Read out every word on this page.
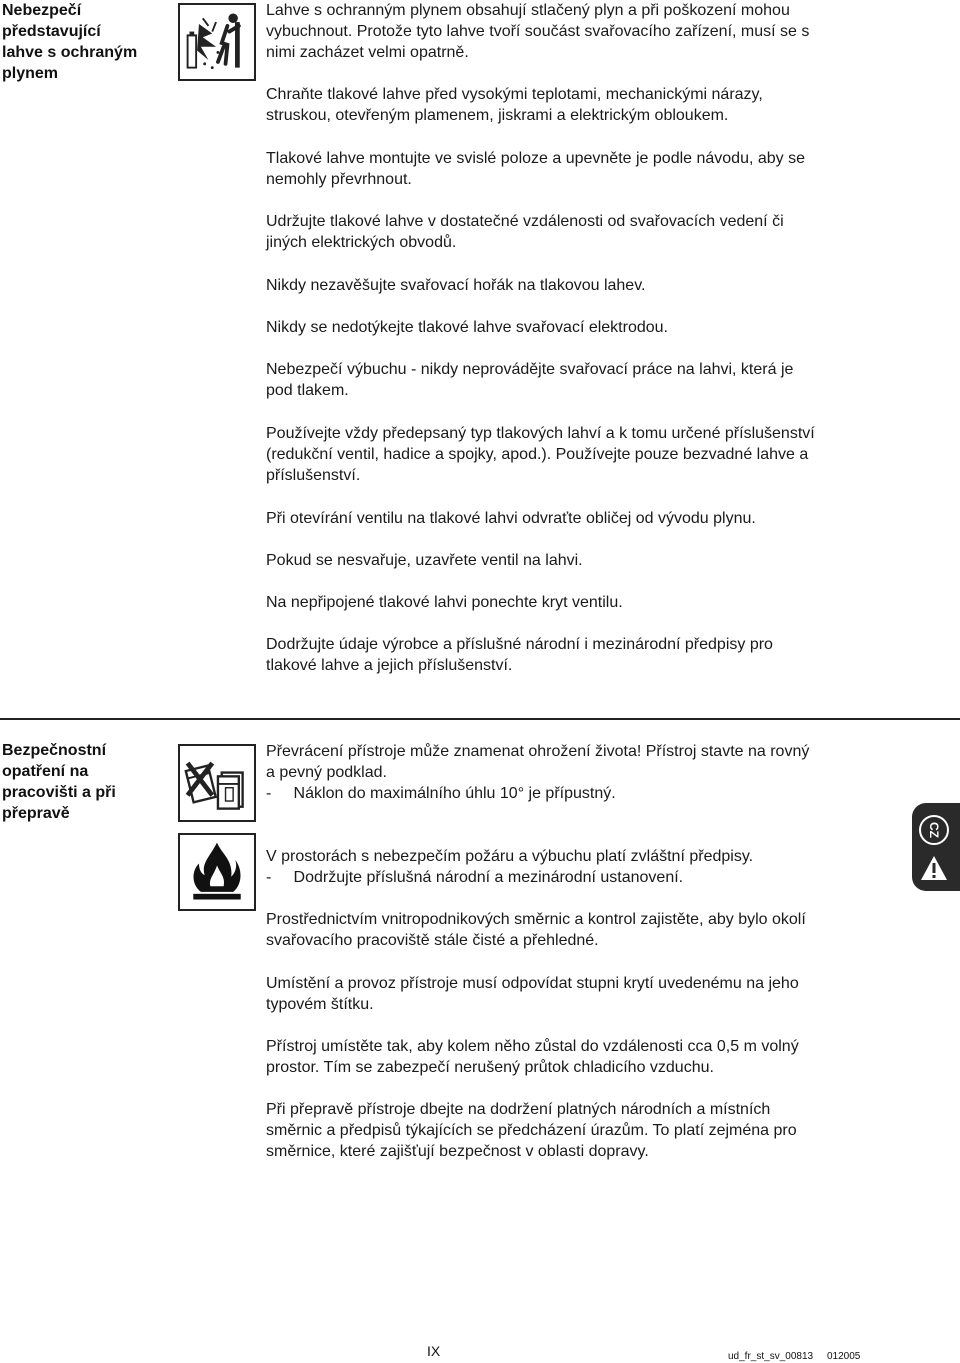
Nebezpečí
představující
lahve s ochraným
plynem
Lahve s ochranným plynem obsahují stlačený plyn a při poškození mohou
vybuchnout. Protože tyto lahve tvoří součást svařovacího zařízení, musí se s
nimi zacházet velmi opatrně.
Chraňte tlakové lahve před vysokými teplotami, mechanickými nárazy,
struskou, otevřeným plamenem, jiskrami a elektrickým obloukem.
Tlakové lahve montujte ve svislé poloze a upevněte je podle návodu, aby se
nemohly převrhnout.
Udržujte tlakové lahve v dostatečné vzdálenosti od svařovacích vedení či
jiných elektrických obvodů.
Nikdy nezavěšujte svařovací hořák na tlakovou lahev.
Nikdy se nedotýkejte tlakové lahve svařovací elektrodou.
Nebezpečí výbuchu - nikdy neprovádějte svařovací práce na lahvi, která je
pod tlakem.
Používejte vždy předepsaný typ tlakových lahví a k tomu určené příslušenství
(redukční ventil, hadice a spojky, apod.). Používejte pouze bezvadné lahve a
příslušenství.
Při otevírání ventilu na tlakové lahvi odvraťte obličej od vývodu plynu.
Pokud se nesvařuje, uzavřete ventil na lahvi.
Na nepřipojené tlakové lahvi ponechte kryt ventilu.
Dodržujte údaje výrobce a příslušné národní i mezinárodní předpisy pro
tlakové lahve a jejich příslušenství.
Bezpečnostní
opatření na
pracovišti a při
přepravě
Převrácení přístroje může znamenat ohrožení života! Přístroj stavte na rovný
a pevný podklad.
-     Náklon do maximálního úhlu 10° je přípustný.
V prostorách s nebezpečím požáru a výbuchu platí zvláštní předpisy.
-     Dodržujte příslušná národní a mezinárodní ustanovení.
Prostřednictvím vnitropodnikových směrnic a kontrol zajistěte, aby bylo okolí
svařovacího pracoviště stále čisté a přehledné.
Umístění a provoz přístroje musí odpovídat stupni krytí uvedenému na jeho
typovém štítku.
Přístroj umístěte tak, aby kolem něho zůstal do vzdálenosti cca 0,5 m volný
prostor. Tím se zabezpečí nerušený průtok chladicího vzduchu.
Při přepravě přístroje dbejte na dodržení platných národních a místních
směrnic a předpisů týkajících se předcházení úrazům. To platí zejména pro
směrnice, které zajišťují bezpečnost v oblasti dopravy.
CZ
IX	ud_fr_st_sv_00813     012005
